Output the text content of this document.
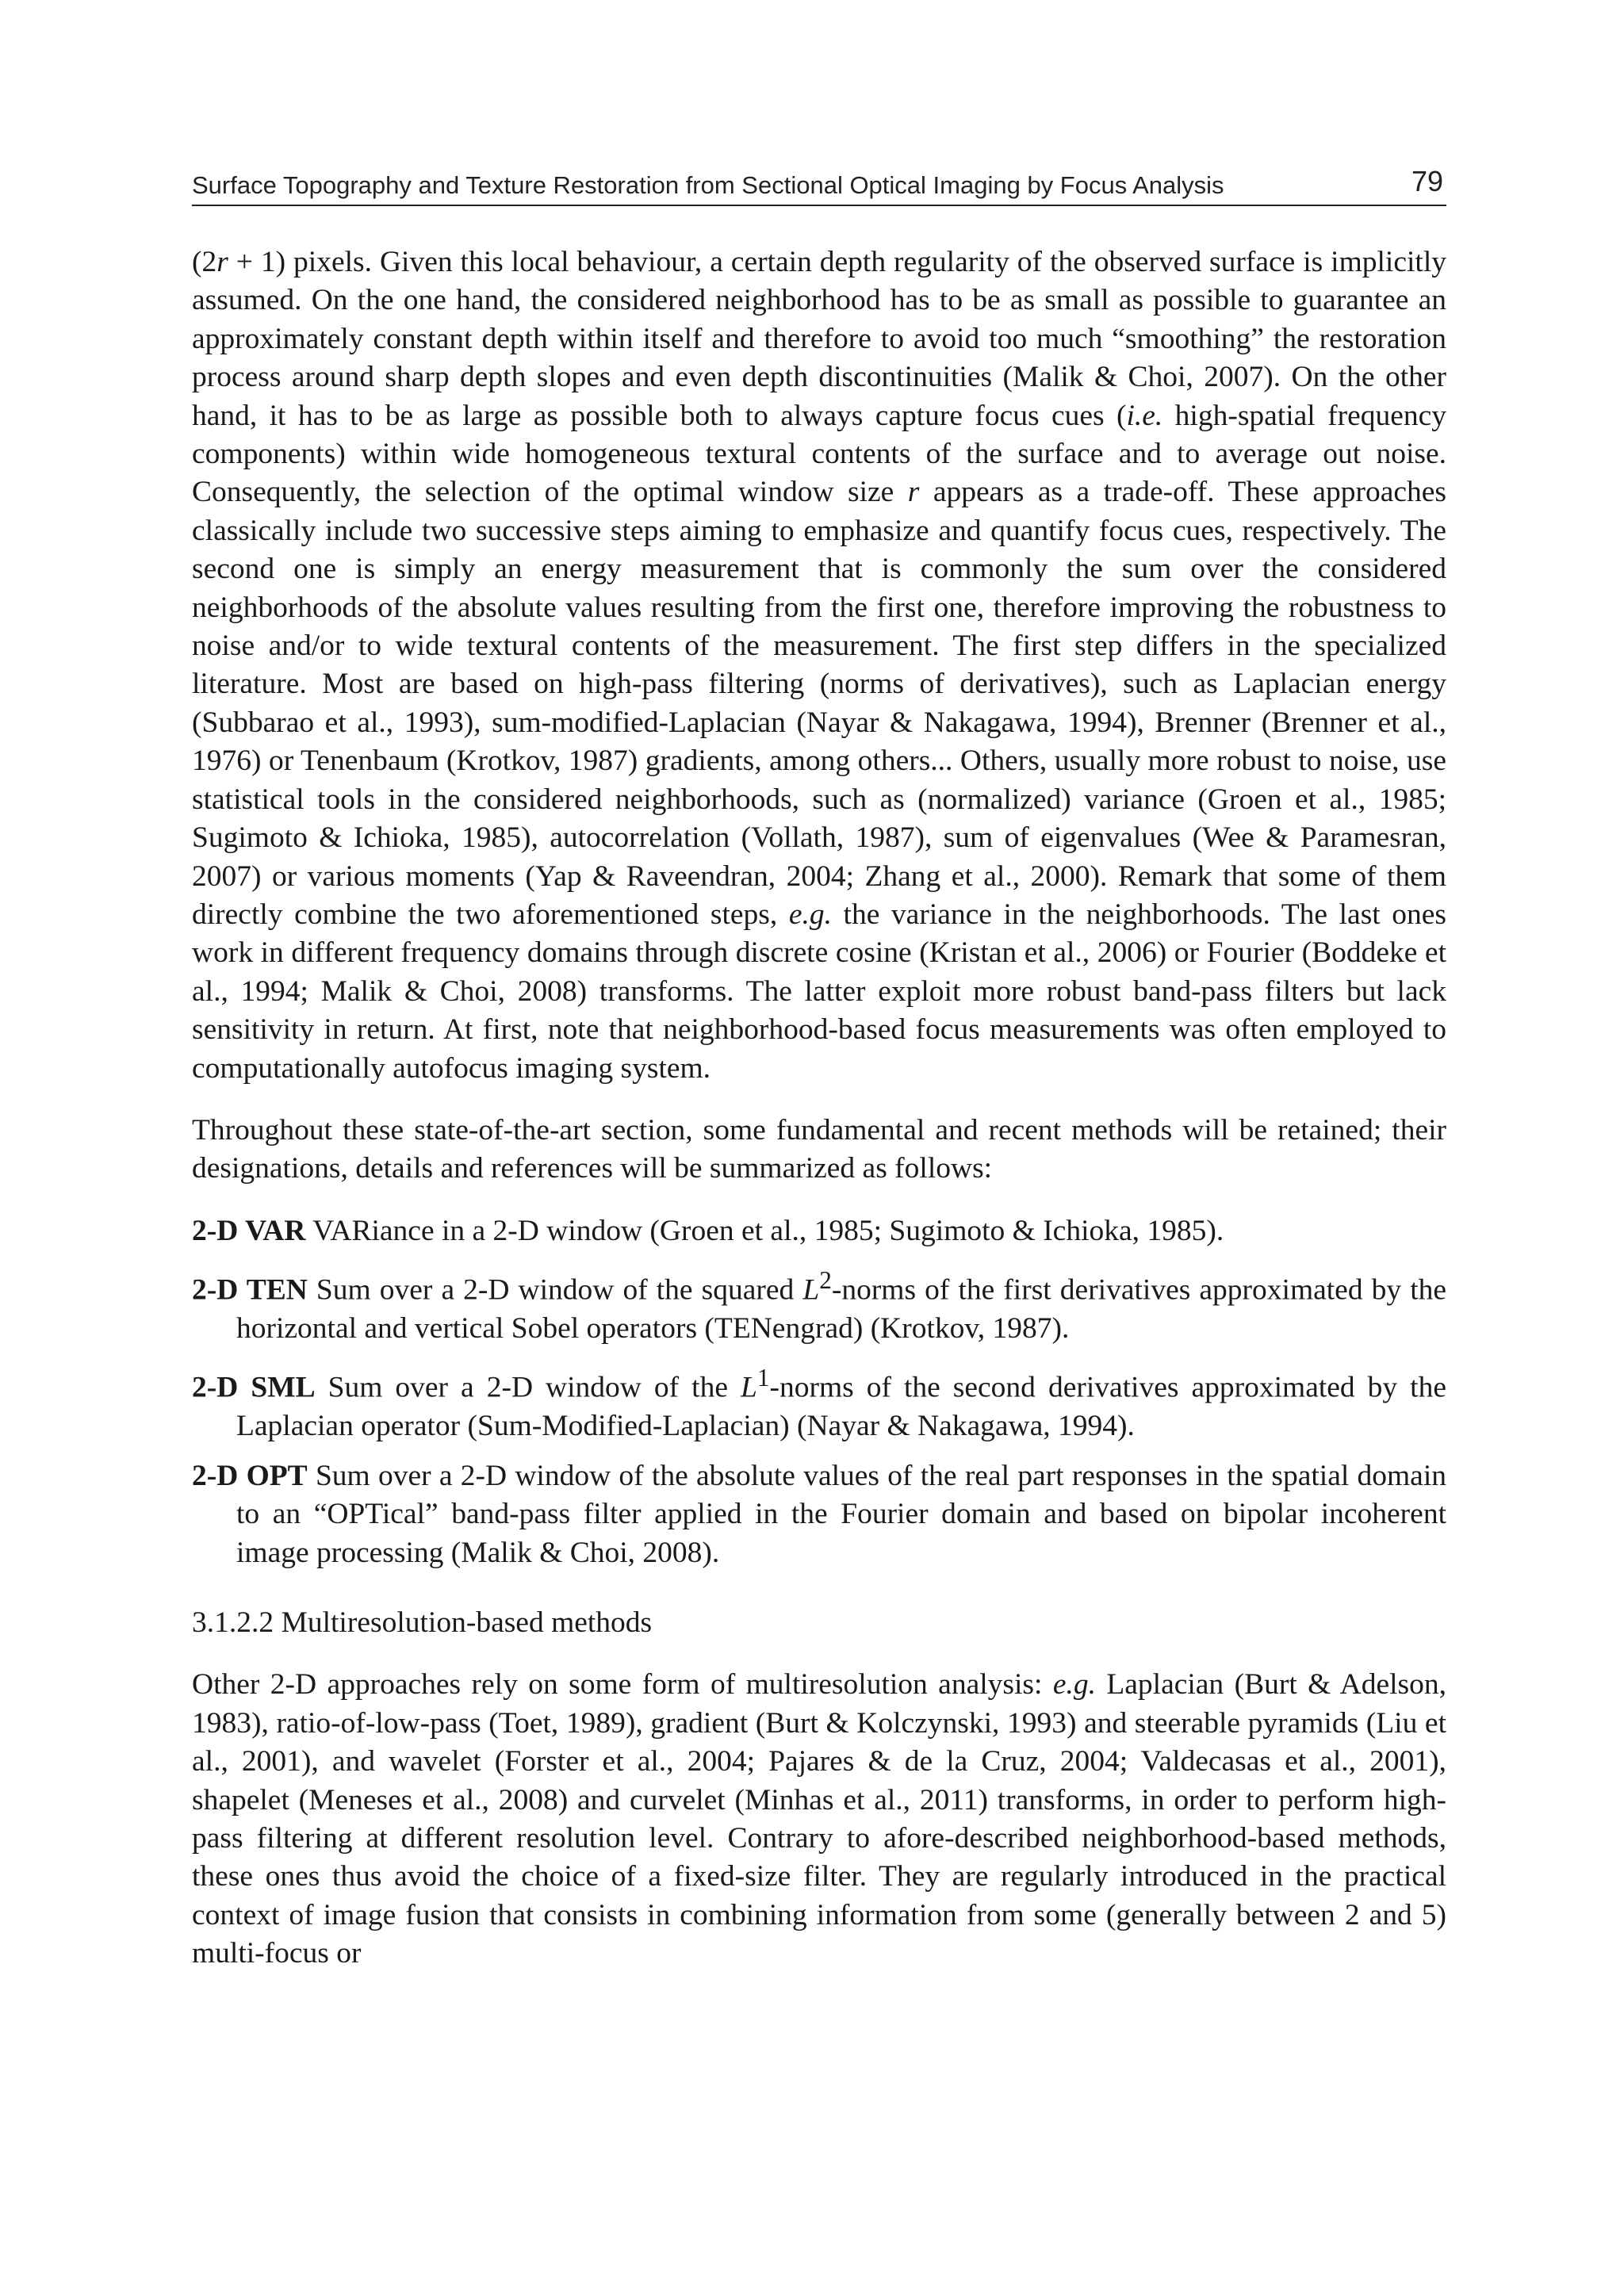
Surface Topography and Texture Restoration from Sectional Optical Imaging by Focus Analysis	79

(2r + 1) pixels. Given this local behaviour, a certain depth regularity of the observed surface is implicitly assumed. On the one hand, the considered neighborhood has to be as small as possible to guarantee an approximately constant depth within itself and therefore to avoid too much “smoothing” the restoration process around sharp depth slopes and even depth discontinuities (Malik & Choi, 2007). On the other hand, it has to be as large as possible both to always capture focus cues (i.e. high-spatial frequency components) within wide homogeneous textural contents of the surface and to average out noise. Consequently, the selection of the optimal window size r appears as a trade-off. These approaches classically include two successive steps aiming to emphasize and quantify focus cues, respectively. The second one is simply an energy measurement that is commonly the sum over the considered neighborhoods of the absolute values resulting from the first one, therefore improving the robustness to noise and/or to wide textural contents of the measurement. The first step differs in the specialized literature. Most are based on high-pass filtering (norms of derivatives), such as Laplacian energy (Subbarao et al., 1993), sum-modified-Laplacian (Nayar & Nakagawa, 1994), Brenner (Brenner et al., 1976) or Tenenbaum (Krotkov, 1987) gradients, among others... Others, usually more robust to noise, use statistical tools in the considered neighborhoods, such as (normalized) variance (Groen et al., 1985; Sugimoto & Ichioka, 1985), autocorrelation (Vollath, 1987), sum of eigenvalues (Wee & Paramesran, 2007) or various moments (Yap & Raveendran, 2004; Zhang et al., 2000). Remark that some of them directly combine the two aforementioned steps, e.g. the variance in the neighborhoods. The last ones work in different frequency domains through discrete cosine (Kristan et al., 2006) or Fourier (Boddeke et al., 1994; Malik & Choi, 2008) transforms. The latter exploit more robust band-pass filters but lack sensitivity in return. At first, note that neighborhood-based focus measurements was often employed to computationally autofocus imaging system.

Throughout these state-of-the-art section, some fundamental and recent methods will be retained; their designations, details and references will be summarized as follows:

2-D VAR VARiance in a 2-D window (Groen et al., 1985; Sugimoto & Ichioka, 1985).
2-D TEN Sum over a 2-D window of the squared $L^2$-norms of the first derivatives approximated by the horizontal and vertical Sobel operators (TENengrad) (Krotkov, 1987).
2-D SML Sum over a 2-D window of the $L^1$-norms of the second derivatives approximated by the Laplacian operator (Sum-Modified-Laplacian) (Nayar & Nakagawa, 1994).
2-D OPT Sum over a 2-D window of the absolute values of the real part responses in the spatial domain to an “OPTical” band-pass filter applied in the Fourier domain and based on bipolar incoherent image processing (Malik & Choi, 2008).

3.1.2.2 Multiresolution-based methods

Other 2-D approaches rely on some form of multiresolution analysis: e.g. Laplacian (Burt & Adelson, 1983), ratio-of-low-pass (Toet, 1989), gradient (Burt & Kolczynski, 1993) and steerable pyramids (Liu et al., 2001), and wavelet (Forster et al., 2004; Pajares & de la Cruz, 2004; Valdecasas et al., 2001), shapelet (Meneses et al., 2008) and curvelet (Minhas et al., 2011) transforms, in order to perform high-pass filtering at different resolution level. Contrary to afore-described neighborhood-based methods, these ones thus avoid the choice of a fixed-size filter. They are regularly introduced in the practical context of image fusion that consists in combining information from some (generally between 2 and 5) multi-focus or
